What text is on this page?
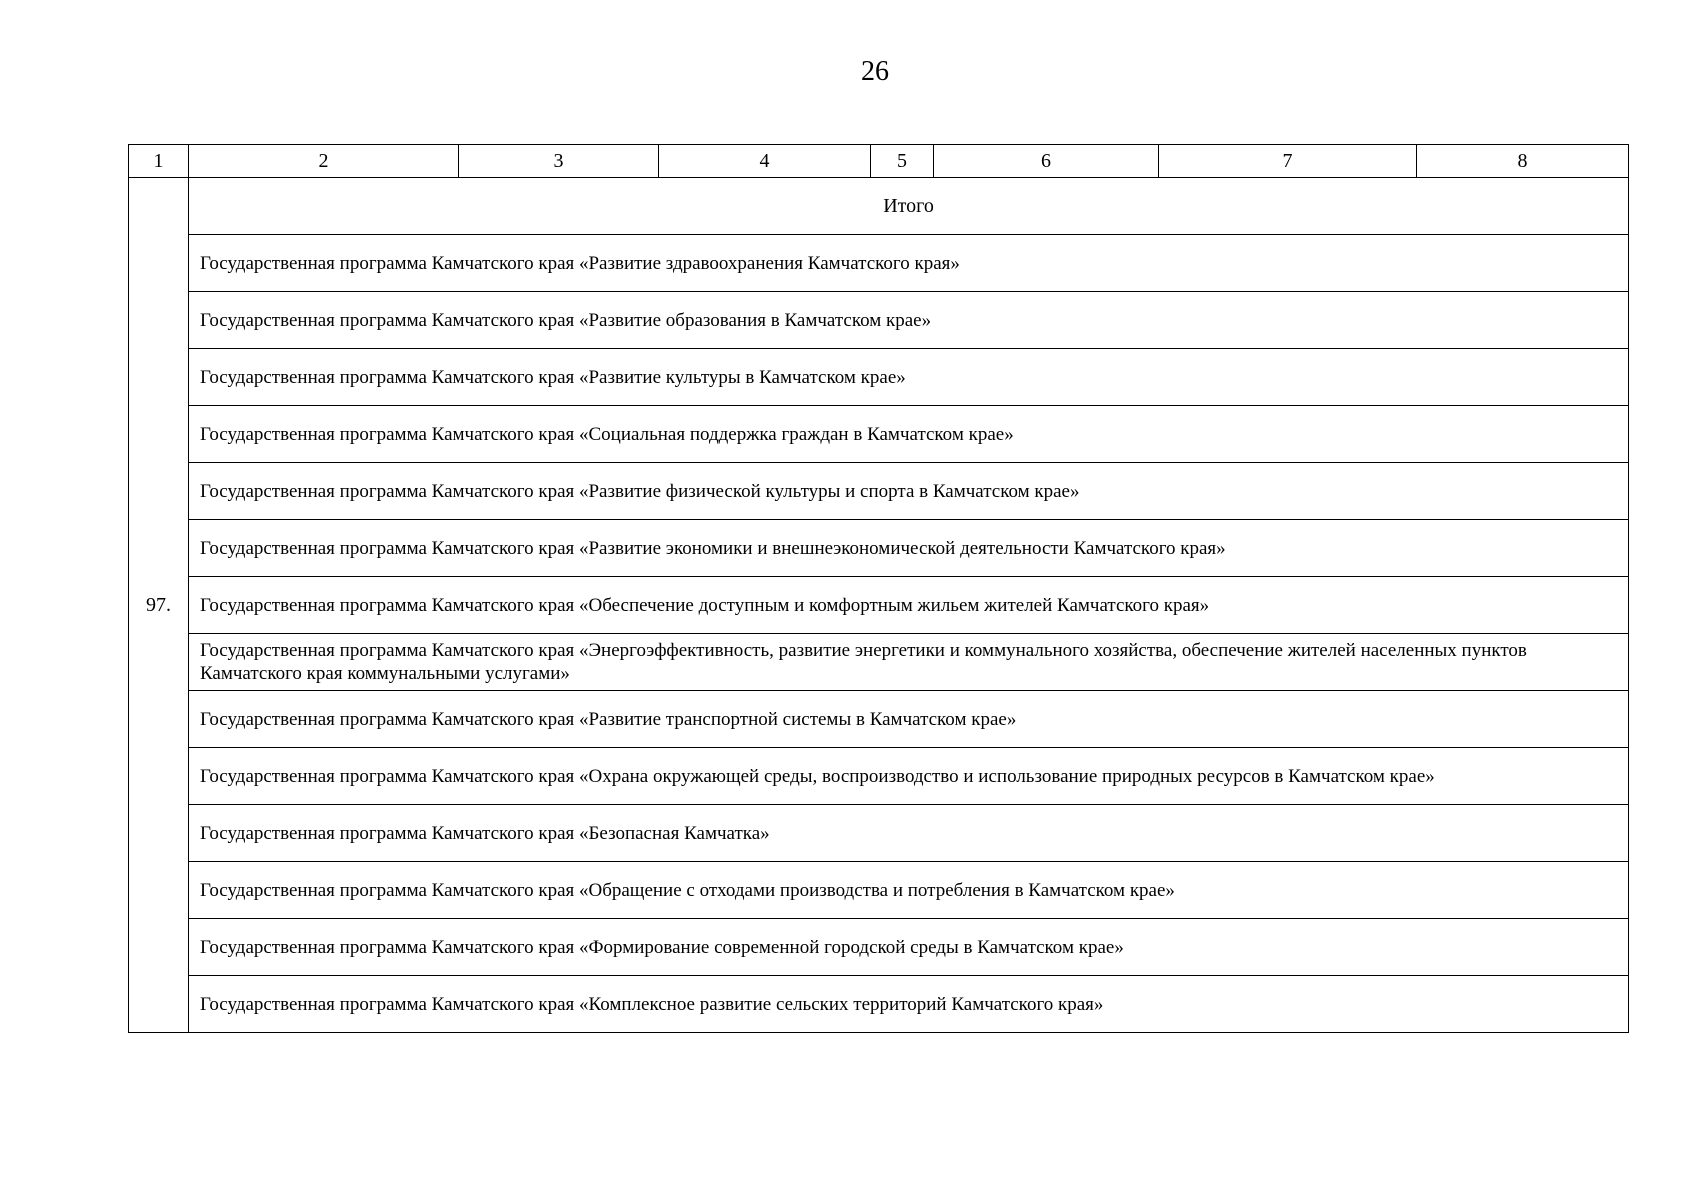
26
1	2	3	4	5	6	7	8
97.	Итого						
	Государственная программа Камчатского края «Развитие здравоохранения Камчатского края»						
	Государственная программа Камчатского края «Развитие образования в Камчатском крае»						
	Государственная программа Камчатского края «Развитие культуры в Камчатском крае»						
	Государственная программа Камчатского края «Социальная поддержка граждан в Камчатском крае»						
	Государственная программа Камчатского края «Развитие физической культуры и спорта в Камчатском крае»						
	Государственная программа Камчатского края «Развитие экономики и внешнеэкономической деятельности Камчатского края»						
	Государственная программа Камчатского края «Обеспечение доступным и комфортным жильем жителей Камчатского края»						
	Государственная программа Камчатского края «Энергоэффективность, развитие энергетики и коммунального хозяйства, обеспечение жителей населенных пунктов Камчатского края коммунальными услугами»						
	Государственная программа Камчатского края «Развитие транспортной системы в Камчатском крае»						
	Государственная программа Камчатского края «Охрана окружающей среды, воспроизводство и использование природных ресурсов в Камчатском крае»						
	Государственная программа Камчатского края «Безопасная Камчатка»						
	Государственная программа Камчатского края «Обращение с отходами производства и потребления в Камчатском крае»						
	Государственная программа Камчатского края «Формирование современной городской среды в Камчатском крае»						
	Государственная программа Камчатского края «Комплексное развитие сельских территорий Камчатского края»						
